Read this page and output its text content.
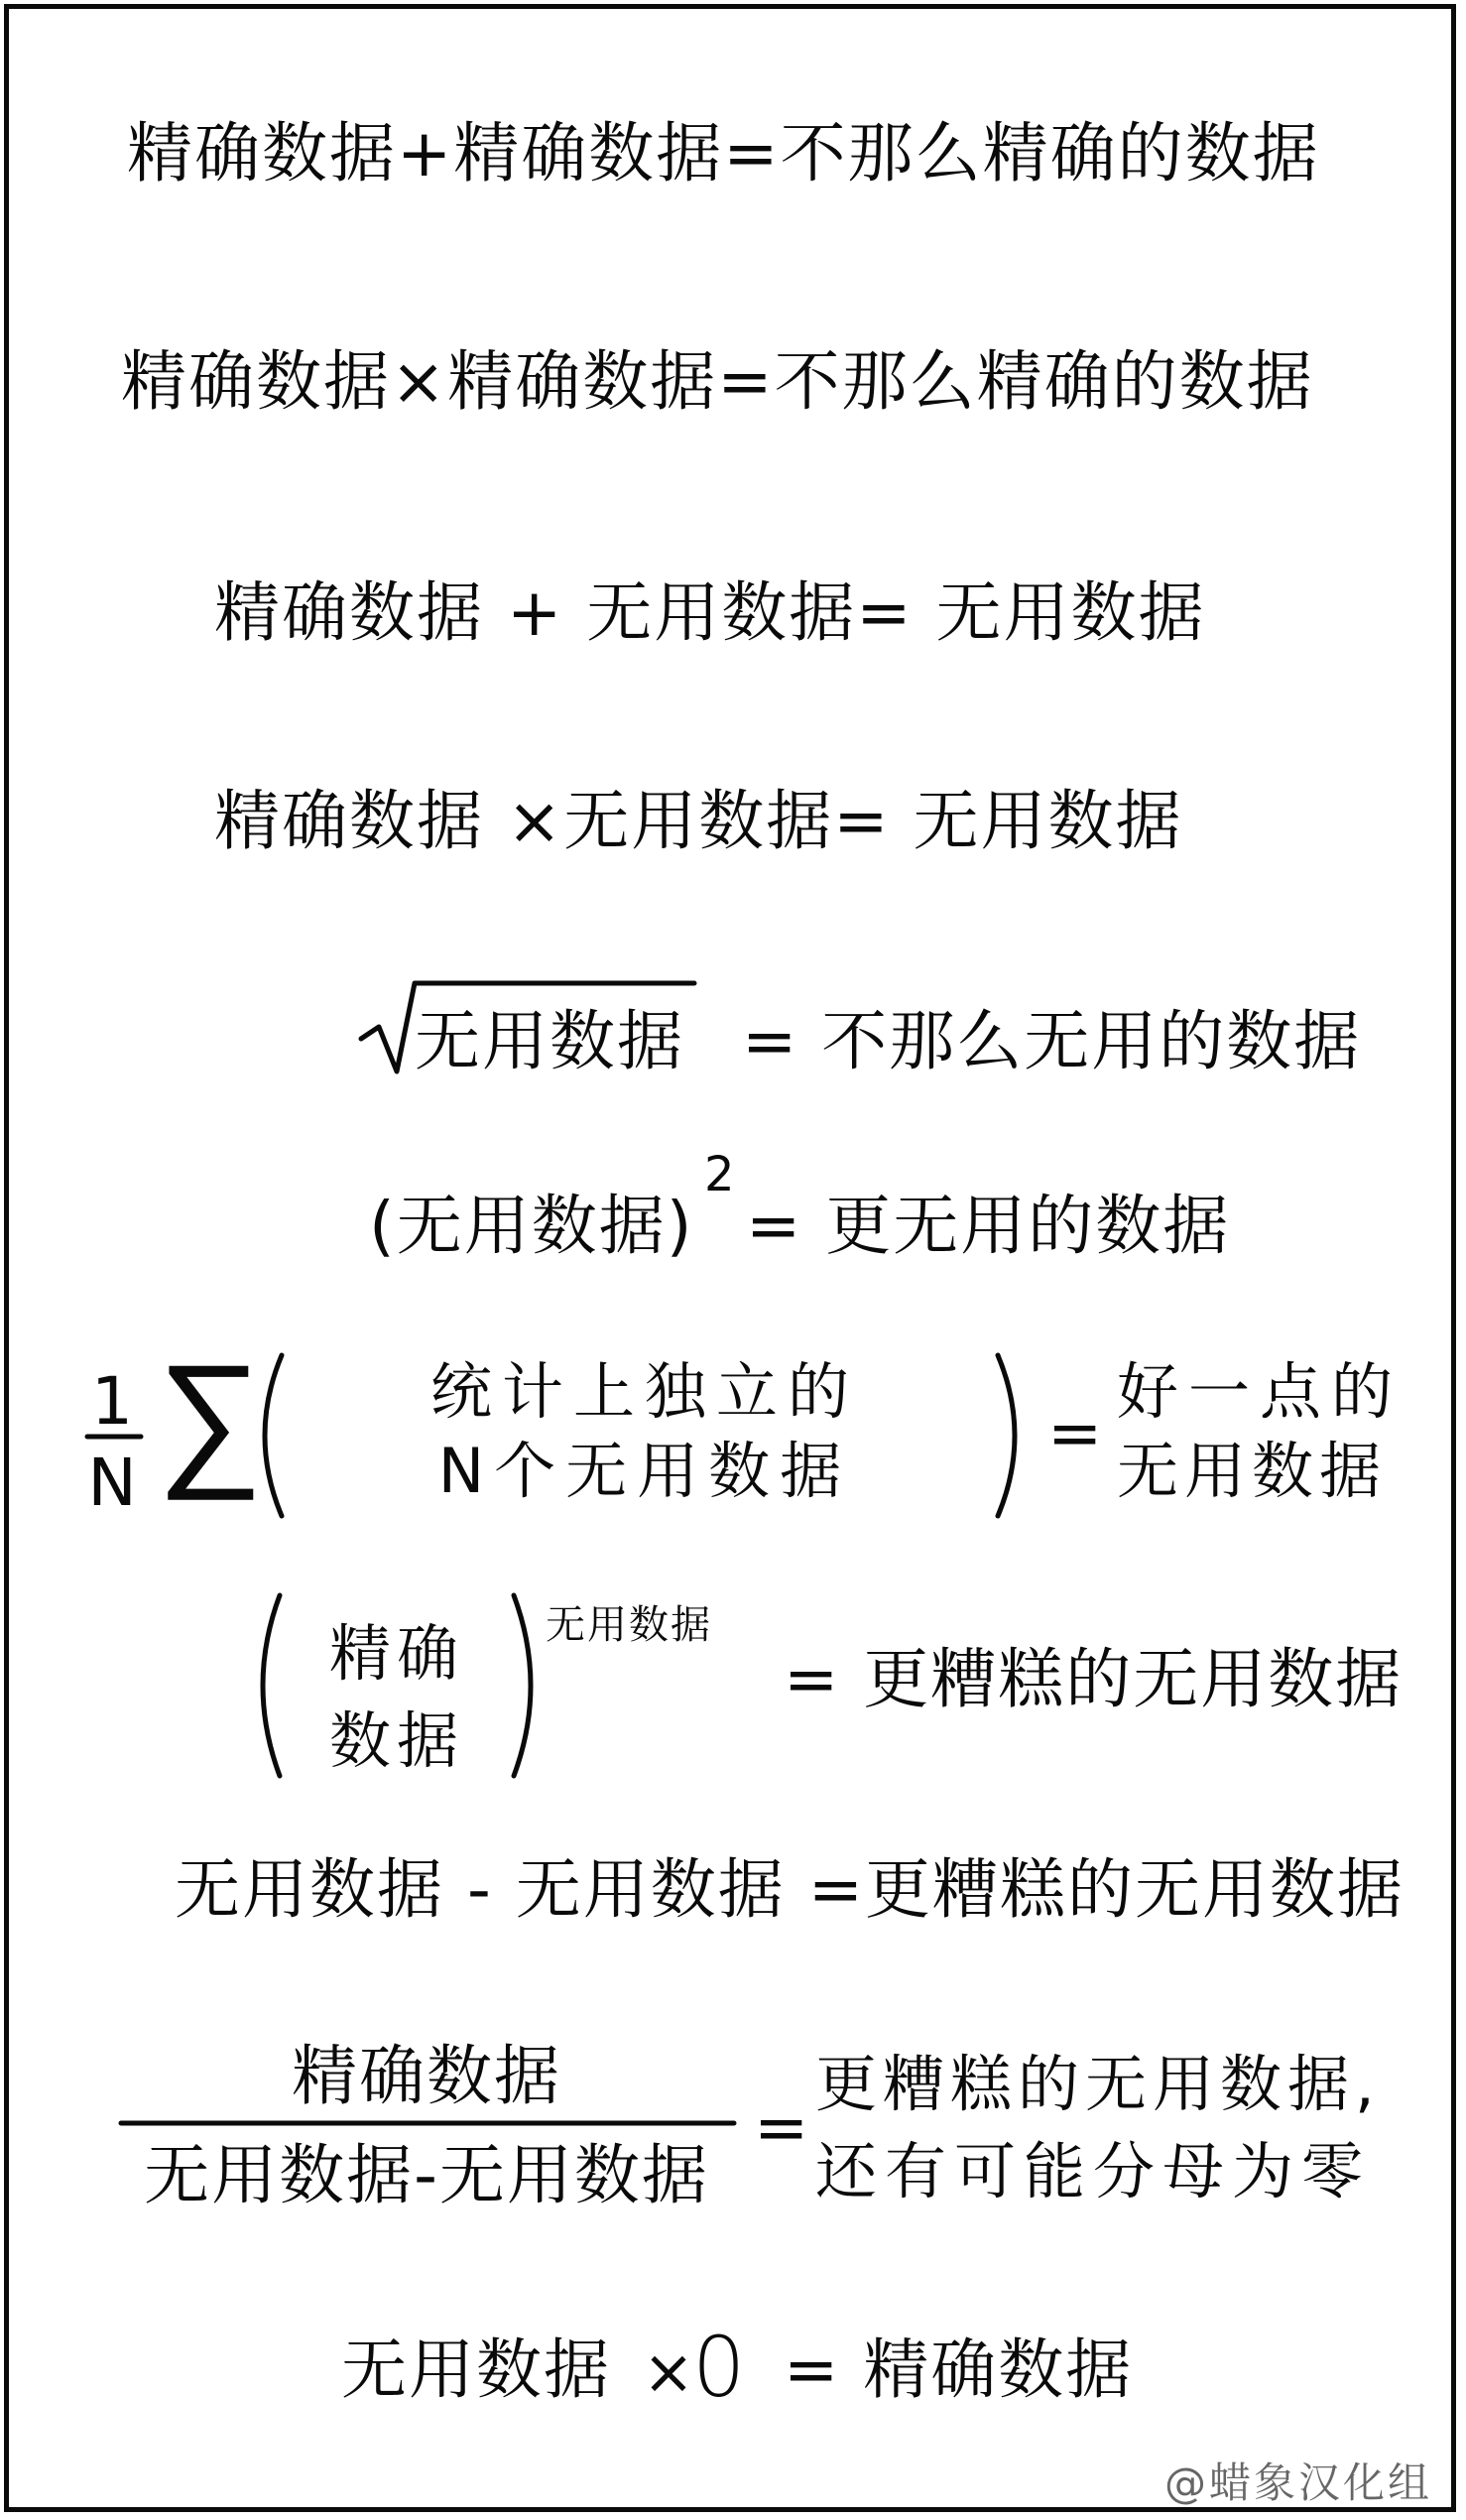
精确数据+精确数据=不那么精确的数据
精确数据×精确数据=不那么精确的数据
精确数据 + 无用数据= 无用数据
精确数据 ×无用数据= 无用数据
无用数据 = 不那么无用的数据
(无用数据)
2
= 更无用的数据
1
N ∑	统计上独立的
N个无用数据	=
好一点的
无用数据
精确
数据
无用数据
= 更糟糕的无用数据
无用数据 - 无用数据 =更糟糕的无用数据
精确数据
无用数据-无用数据
=
更糟糕的无用数据,
还有可能分母为零
无用数据 ×
0 = 精确数据
@蜡象汉化组
